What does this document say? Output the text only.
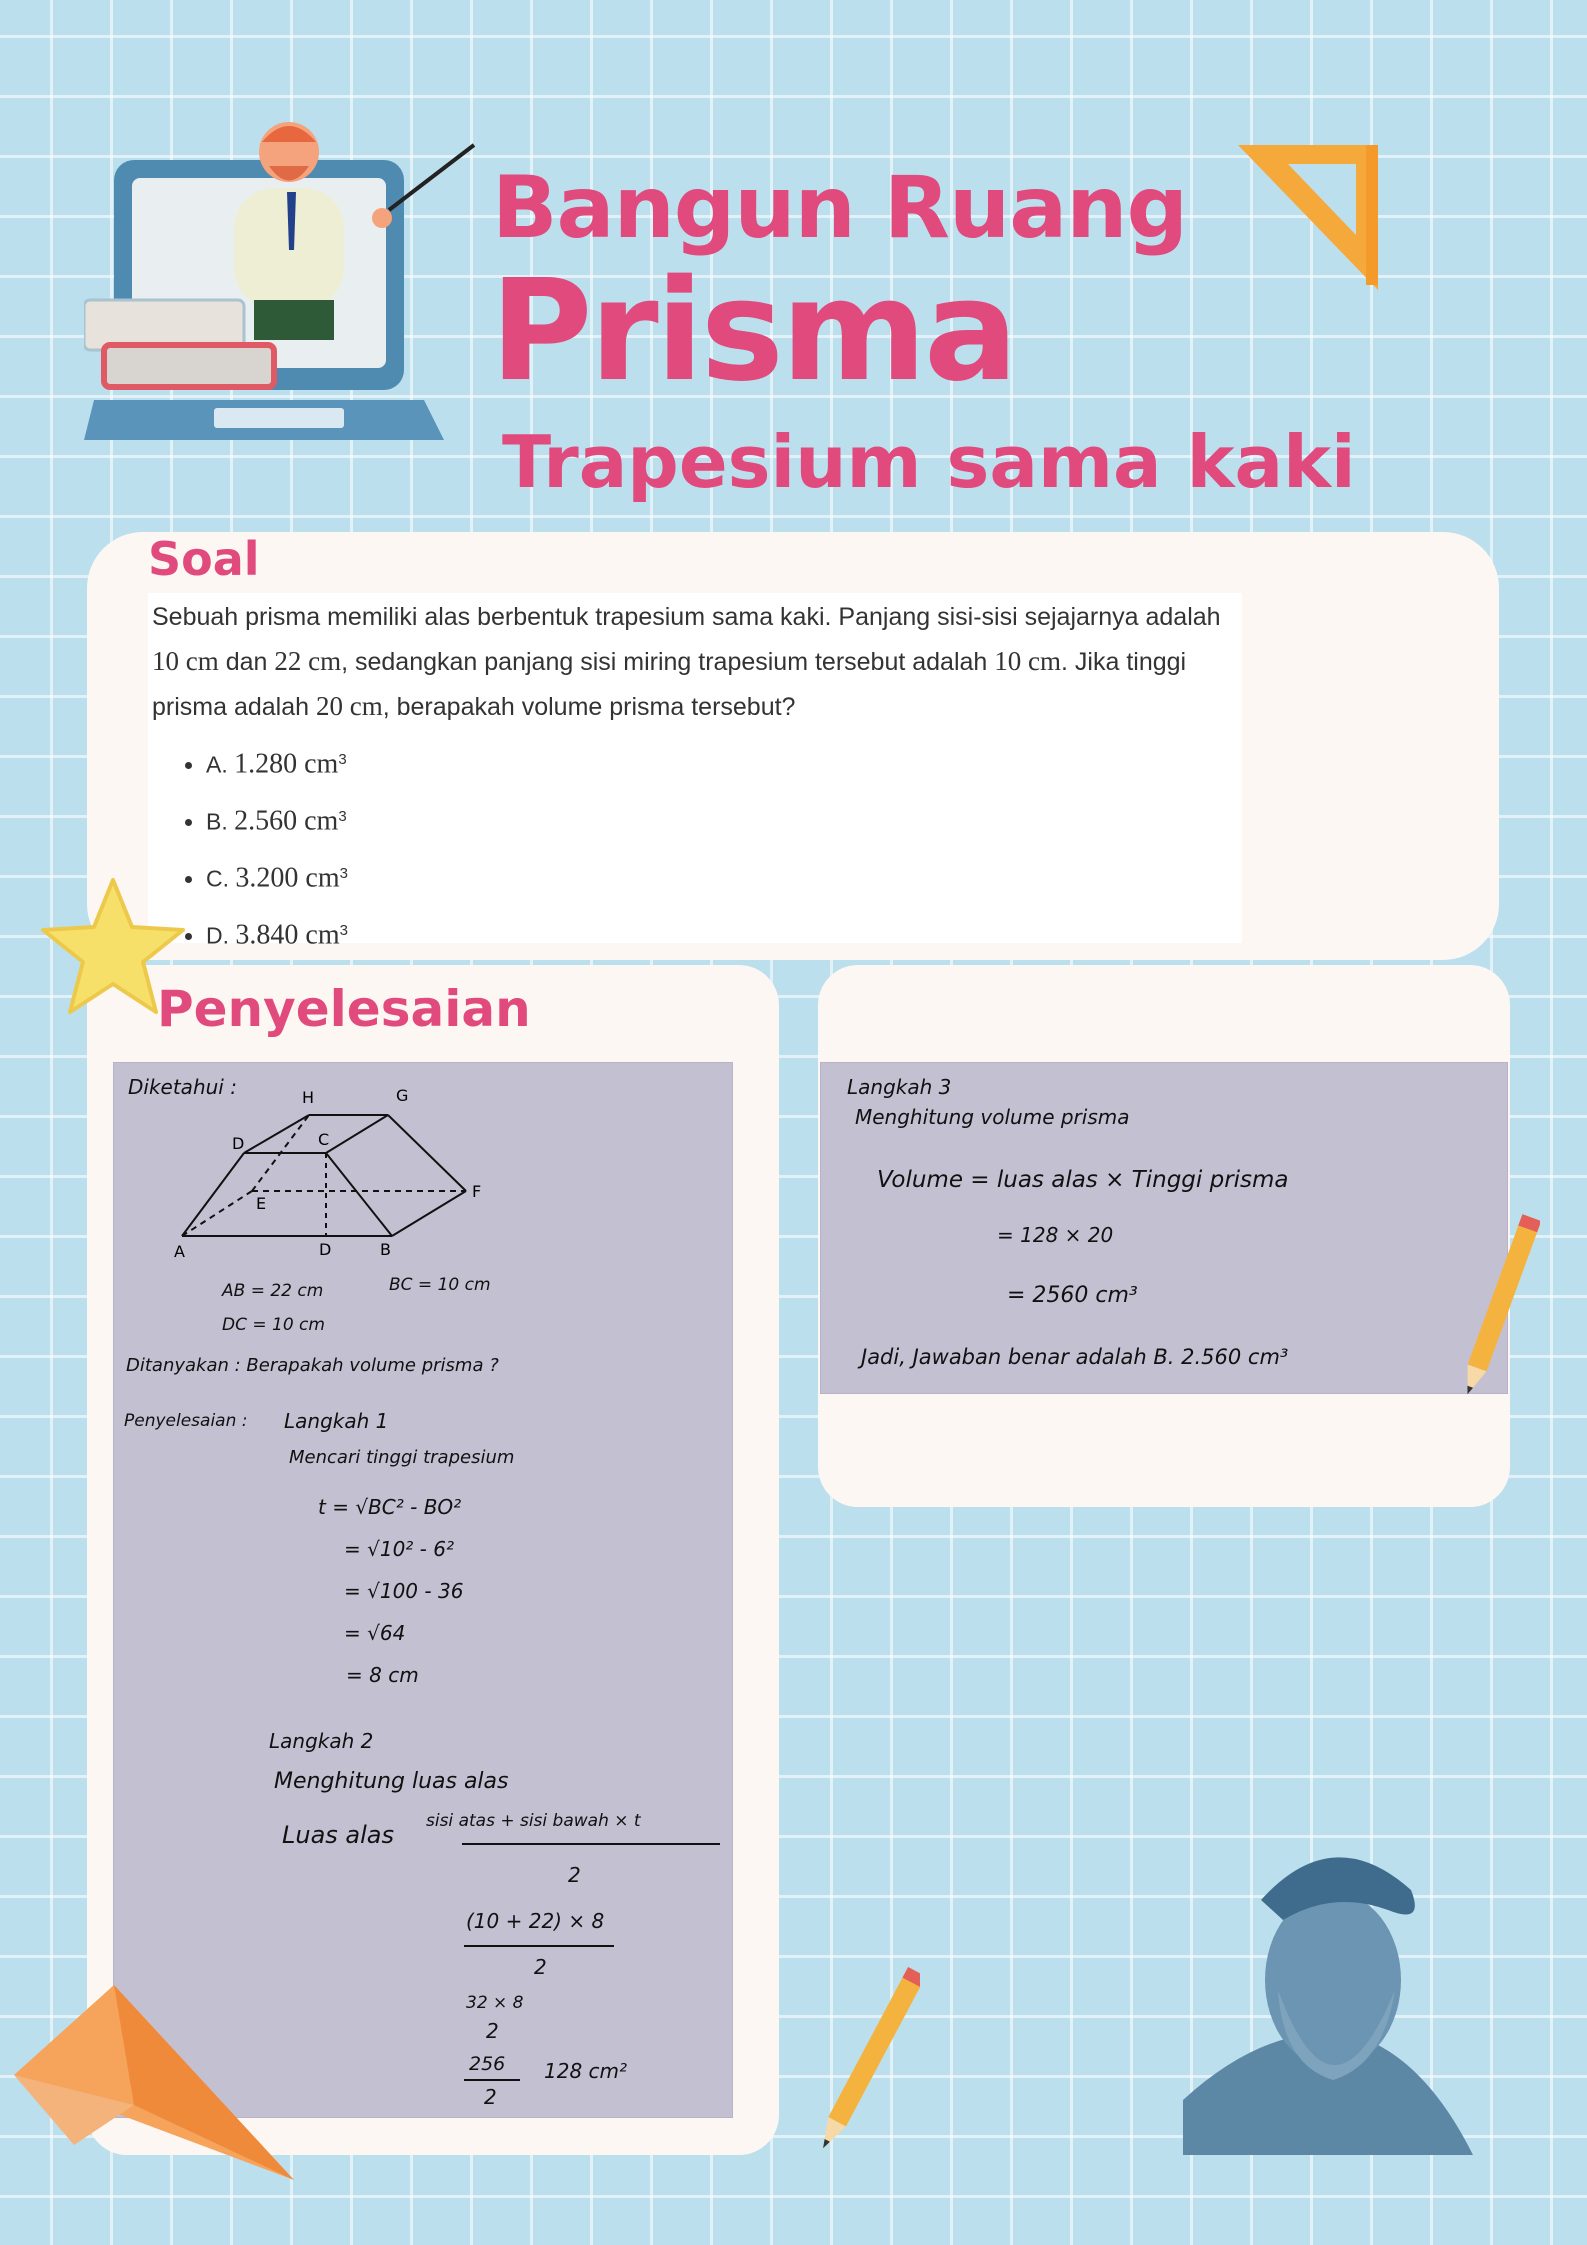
Bangun Ruang
Prisma
Trapesium sama kaki
Soal

Sebuah prisma memiliki alas berbentuk trapesium sama kaki. Panjang sisi-sisi sejajarnya adalah 10 cm dan 22 cm, sedangkan panjang sisi miring trapesium tersebut adalah 10 cm. Jika tinggi prisma adalah 20 cm, berapakah volume prisma tersebut?

• A. 1.280 $cm^3$
• B. 2.560 $cm^3$
• C. 3.200 $cm^3$
• D. 3.840 $cm^3$
Penyelesaian
Diketahui :	H	G
D	C
E
F
A	D	B
AB = 22 cm	BC = 10 cm
DC = 10 cm
Ditanyakan : Berapakah volume prisma ?
Penyelesaian : Langkah 1
Mencari tinggi trapesium
t = √BC² - BO²
= √10² - 6²
= √100 - 36
= √64
= 8 cm
Langkah 2
Menghitung luas alas
Luas alas sisi atas + sisi bawah × t
2
(10 + 22) × 8
2
32 × 8
2
256
2
128 cm²
Langkah 3
Menghitung volume prisma
Volume = luas alas × Tinggi prisma
= 128 × 20
= 2560 cm³
Jadi, Jawaban benar adalah B. 2.560 cm³
